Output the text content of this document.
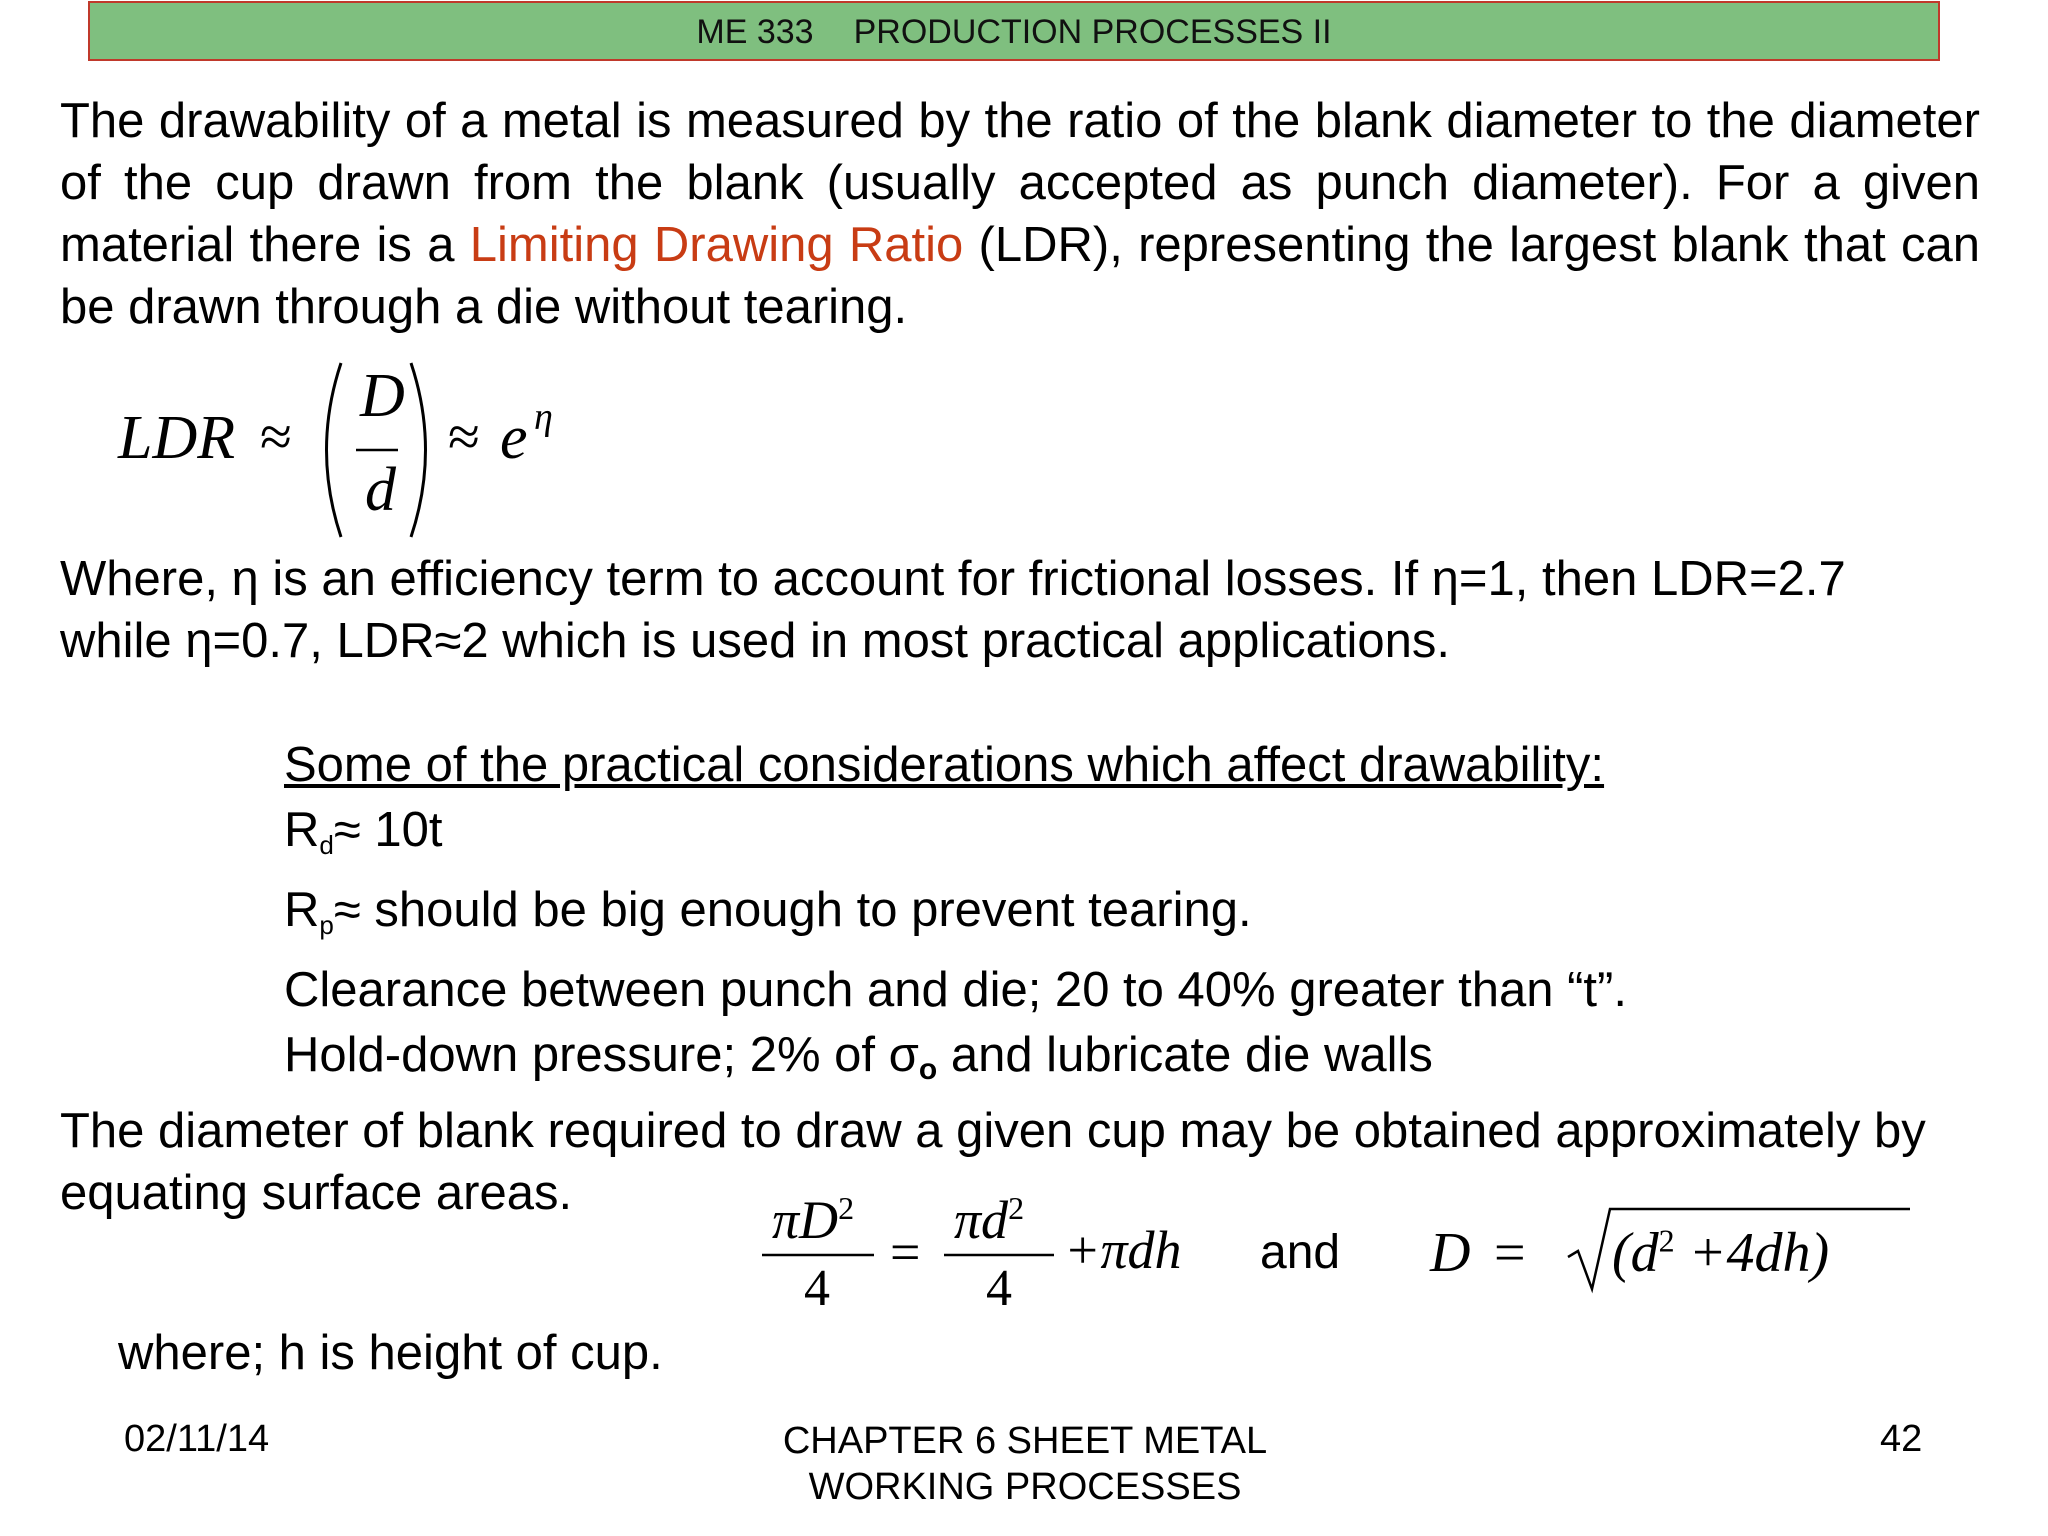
ME 333 PRODUCTION PROCESSES II
The drawability of a metal is measured by the ratio of the blank diameter to the diameter of the cup drawn from the blank (usually accepted as punch diameter). For a given material there is a Limiting Drawing Ratio (LDR), representing the largest blank that can be drawn through a die without tearing.
LDR ≈
D
d
≈ e η
Where, η is an efficiency term to account for frictional losses. If η=1, then LDR=2.7
while η=0.7, LDR≈2 which is used in most practical applications.
Some of the practical considerations which affect drawability:
$R_d\approx 10t$
$R_p\approx$ should be big enough to prevent tearing.
Clearance between punch and die; 20 to 40% greater than “t”.
Hold-down pressure; 2% of σo and lubricate die walls
The diameter of blank required to draw a given cup may be obtained approximately by equating surface areas.	$\pi D^2$
4
=
$\pi d^2$
4
+πdh and $D = (d^2 +4dh)$
where; h is height of cup.
02/11/14	CHAPTER 6 SHEET METAL
WORKING PROCESSES
42
